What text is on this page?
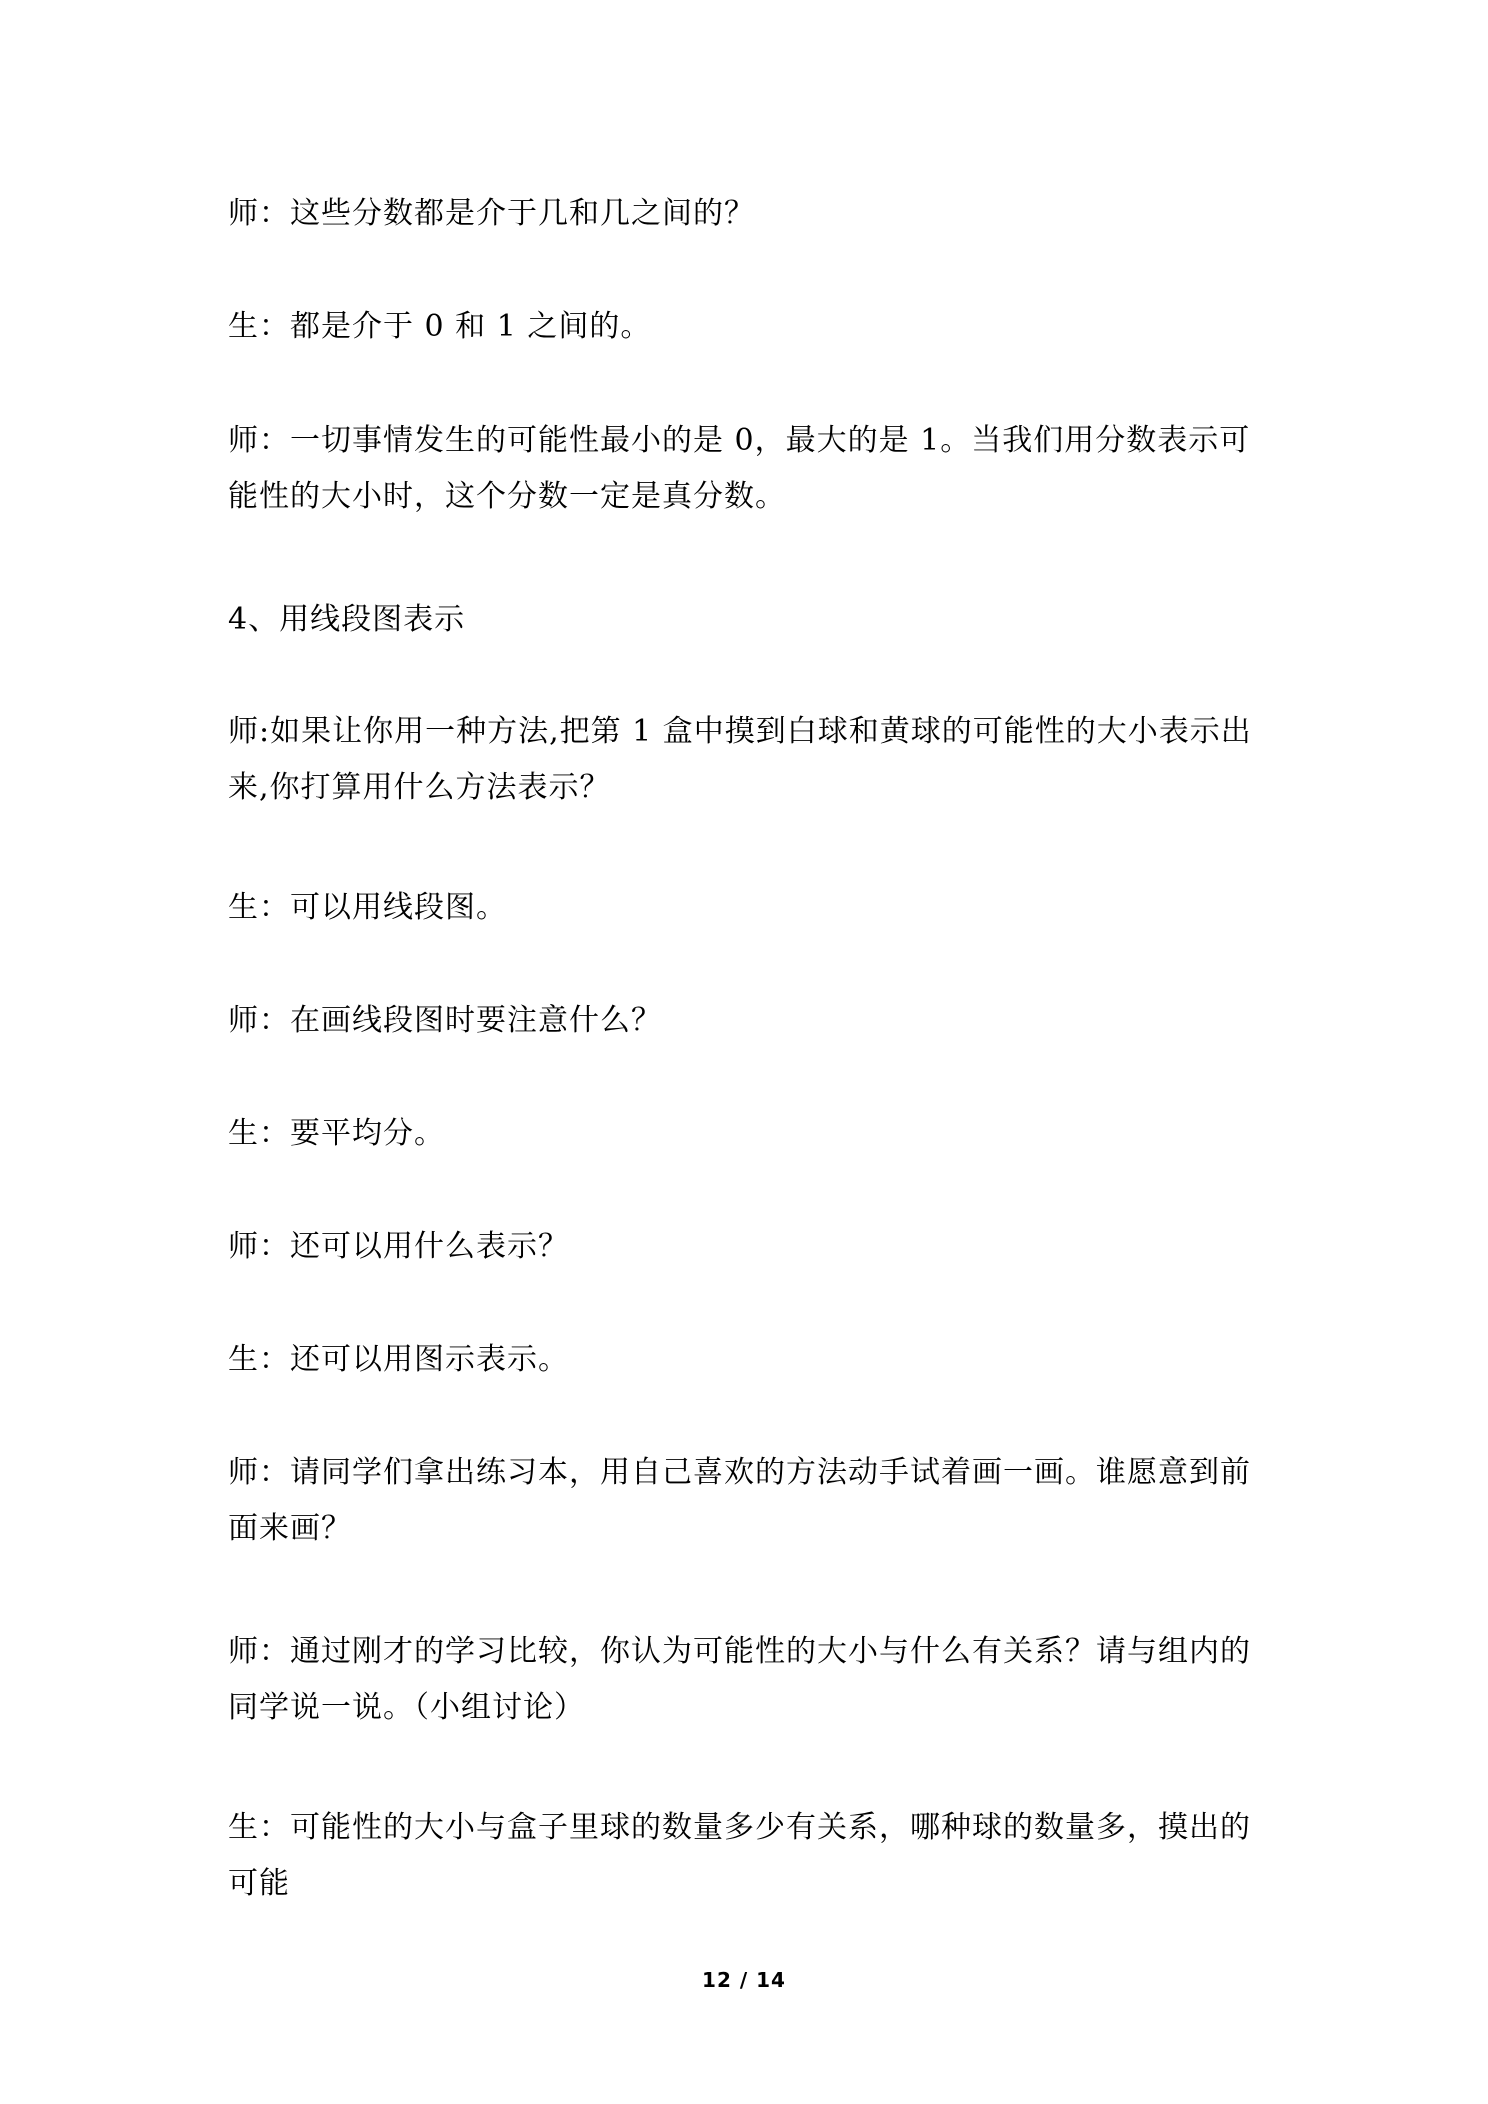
师：这些分数都是介于几和几之间的？

生：都是介于 0 和 1 之间的。

师：一切事情发生的可能性最小的是 0，最大的是 1。当我们用分数表示可能性的大小时，这个分数一定是真分数。

4、用线段图表示

师:如果让你用一种方法,把第 1 盒中摸到白球和黄球的可能性的大小表示出来,你打算用什么方法表示？

生：可以用线段图。

师：在画线段图时要注意什么？

生：要平均分。

师：还可以用什么表示？

生：还可以用图示表示。

师：请同学们拿出练习本，用自己喜欢的方法动手试着画一画。谁愿意到前面来画？

师：通过刚才的学习比较，你认为可能性的大小与什么有关系？请与组内的同学说一说。（小组讨论）

生：可能性的大小与盒子里球的数量多少有关系，哪种球的数量多，摸出的可能

12 / 14
